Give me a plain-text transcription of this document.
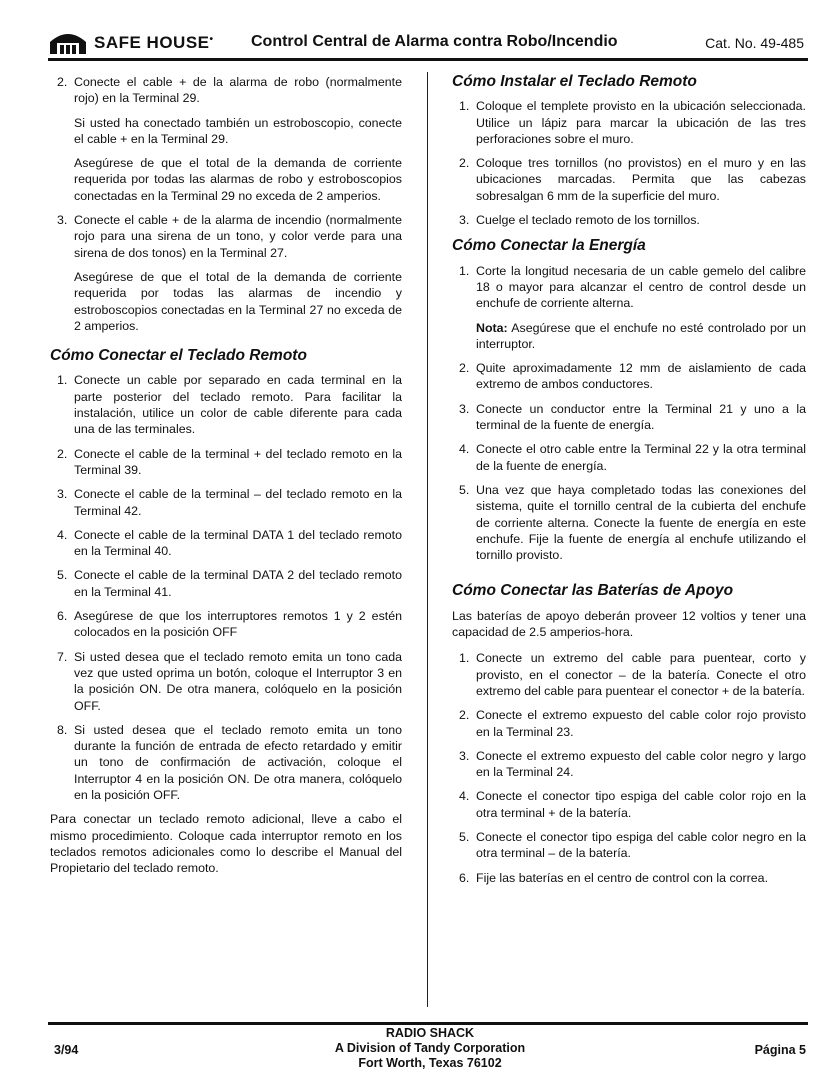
SAFE HOUSE • Control Central de Alarma contra Robo/Incendio	Cat. No. 49-485
2. Conecte el cable + de la alarma de robo (normalmente rojo) en la Terminal 29.
Si usted ha conectado también un estroboscopio, conecte el cable + en la Terminal 29.
Asegúrese de que el total de la demanda de corriente requerida por todas las alarmas de robo y estroboscopios conectadas en la Terminal 29 no exceda de 2 amperios.
3. Conecte el cable + de la alarma de incendio (normalmente rojo para una sirena de un tono, y color verde para una sirena de dos tonos) en la Terminal 27.
Asegúrese de que el total de la demanda de corriente requerida por todas las alarmas de incendio y estroboscopios conectadas en la Terminal 27 no exceda de 2 amperios.
Cómo Conectar el Teclado Remoto
1. Conecte un cable por separado en cada terminal en la parte posterior del teclado remoto. Para facilitar la instalación, utilice un color de cable diferente para cada una de las terminales.
2. Conecte el cable de la terminal + del teclado remoto en la Terminal 39.
3. Conecte el cable de la terminal – del teclado remoto en la Terminal 42.
4. Conecte el cable de la terminal DATA 1 del teclado remoto en la Terminal 40.
5. Conecte el cable de la terminal DATA 2 del teclado remoto en la Terminal 41.
6. Asegúrese de que los interruptores remotos 1 y 2 estén colocados en la posición OFF
7. Si usted desea que el teclado remoto emita un tono cada vez que usted oprima un botón, coloque el Interruptor 3 en la posición ON. De otra manera, colóquelo en la posición OFF.
8. Si usted desea que el teclado remoto emita un tono durante la función de entrada de efecto retardado y emitir un tono de confirmación de activación, coloque el Interruptor 4 en la posición ON. De otra manera, colóquelo en la posición OFF.
Para conectar un teclado remoto adicional, lleve a cabo el mismo procedimiento. Coloque cada interruptor remoto en los teclados remotos adicionales como lo describe el Manual del Propietario del teclado remoto.
Cómo Instalar el Teclado Remoto
1. Coloque el templete provisto en la ubicación seleccionada. Utilice un lápiz para marcar la ubicación de las tres perforaciones sobre el muro.
2. Coloque tres tornillos (no provistos) en el muro y en las ubicaciones marcadas. Permita que las cabezas sobresalgan 6 mm de la superficie del muro.
3. Cuelge el teclado remoto de los tornillos.
Cómo Conectar la Energía
1. Corte la longitud necesaria de un cable gemelo del calibre 18 o mayor para alcanzar el centro de control desde un enchufe de corriente alterna.
Nota: Asegúrese que el enchufe no esté controlado por un interruptor.
2. Quite aproximadamente 12 mm de aislamiento de cada extremo de ambos conductores.
3. Conecte un conductor entre la Terminal 21 y uno a la terminal de la fuente de energía.
4. Conecte el otro cable entre la Terminal 22 y la otra terminal de la fuente de energía.
5. Una vez que haya completado todas las conexiones del sistema, quite el tornillo central de la cubierta del enchufe de corriente alterna. Conecte la fuente de energía en este enchufe. Fije la fuente de energía al enchufe utilizando el tornillo provisto.
Cómo Conectar las Baterías de Apoyo
Las baterías de apoyo deberán proveer 12 voltios y tener una capacidad de 2.5 amperios-hora.
1. Conecte un extremo del cable para puentear, corto y provisto, en el conector – de la batería. Conecte el otro extremo del cable para puentear el conector + de la batería.
2. Conecte el extremo expuesto del cable color rojo provisto en la Terminal 23.
3. Conecte el extremo expuesto del cable color negro y largo en la Terminal 24.
4. Conecte el conector tipo espiga del cable color rojo en la otra terminal + de la batería.
5. Conecte el conector tipo espiga del cable color negro en la otra terminal – de la batería.
6. Fije las baterías en el centro de control con la correa.
3/94
RADIO SHACK
A Division of Tandy Corporation
Fort Worth, Texas 76102
Página 5
